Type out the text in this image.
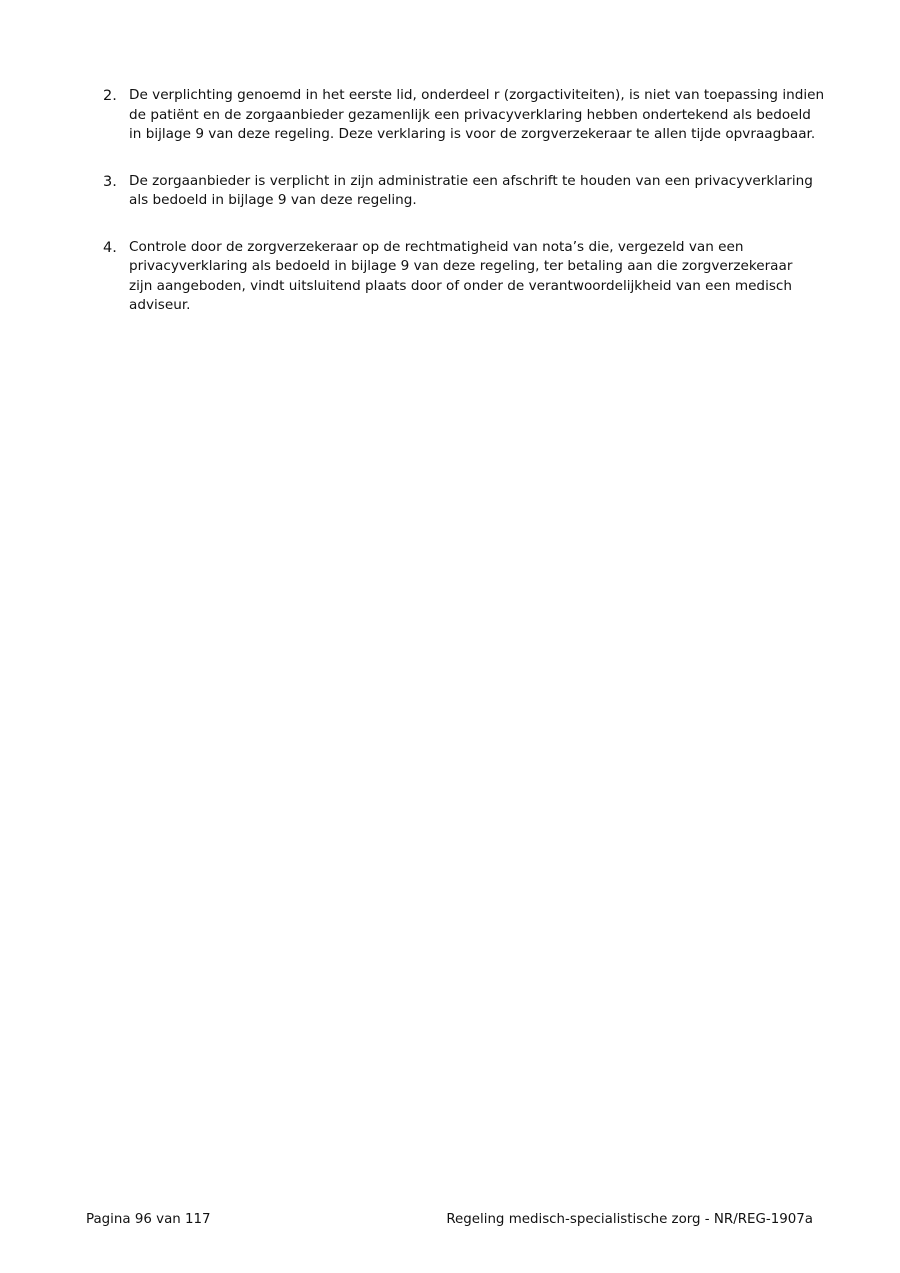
2. De verplichting genoemd in het eerste lid, onderdeel r (zorgactiviteiten), is niet van toepassing indien
de patiënt en de zorgaanbieder gezamenlijk een privacyverklaring hebben ondertekend als bedoeld
in bijlage 9 van deze regeling. Deze verklaring is voor de zorgverzekeraar te allen tijde opvraagbaar.
3. De zorgaanbieder is verplicht in zijn administratie een afschrift te houden van een privacyverklaring
als bedoeld in bijlage 9 van deze regeling.
4. Controle door de zorgverzekeraar op de rechtmatigheid van nota’s die, vergezeld van een
privacyverklaring als bedoeld in bijlage 9 van deze regeling, ter betaling aan die zorgverzekeraar
zijn aangeboden, vindt uitsluitend plaats door of onder de verantwoordelijkheid van een medisch
adviseur.
Pagina 96 van 117	Regeling medisch-specialistische zorg - NR/REG-1907a
